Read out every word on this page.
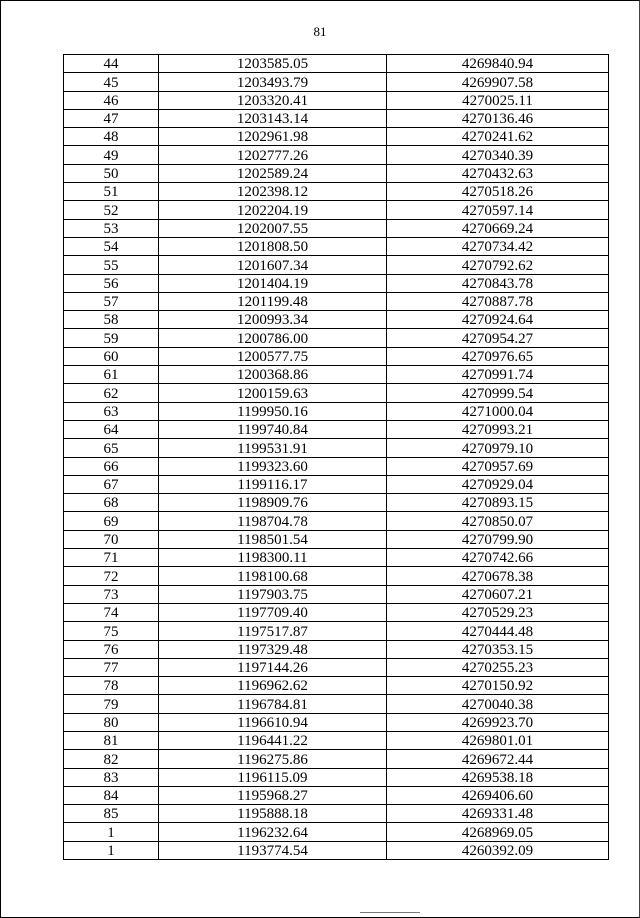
81
44	1203585.05	4269840.94
45	1203493.79	4269907.58
46	1203320.41	4270025.11
47	1203143.14	4270136.46
48	1202961.98	4270241.62
49	1202777.26	4270340.39
50	1202589.24	4270432.63
51	1202398.12	4270518.26
52	1202204.19	4270597.14
53	1202007.55	4270669.24
54	1201808.50	4270734.42
55	1201607.34	4270792.62
56	1201404.19	4270843.78
57	1201199.48	4270887.78
58	1200993.34	4270924.64
59	1200786.00	4270954.27
60	1200577.75	4270976.65
61	1200368.86	4270991.74
62	1200159.63	4270999.54
63	1199950.16	4271000.04
64	1199740.84	4270993.21
65	1199531.91	4270979.10
66	1199323.60	4270957.69
67	1199116.17	4270929.04
68	1198909.76	4270893.15
69	1198704.78	4270850.07
70	1198501.54	4270799.90
71	1198300.11	4270742.66
72	1198100.68	4270678.38
73	1197903.75	4270607.21
74	1197709.40	4270529.23
75	1197517.87	4270444.48
76	1197329.48	4270353.15
77	1197144.26	4270255.23
78	1196962.62	4270150.92
79	1196784.81	4270040.38
80	1196610.94	4269923.70
81	1196441.22	4269801.01
82	1196275.86	4269672.44
83	1196115.09	4269538.18
84	1195968.27	4269406.60
85	1195888.18	4269331.48
1	1196232.64	4268969.05
1	1193774.54	4260392.09
